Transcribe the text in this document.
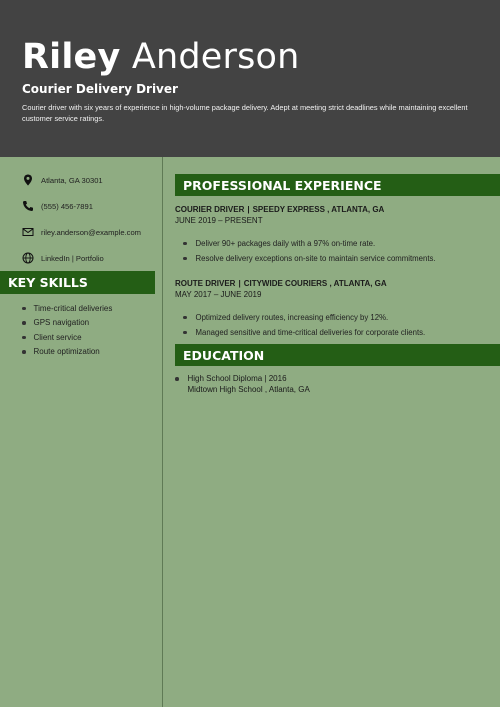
Riley Anderson
Courier Delivery Driver
Courier driver with six years of experience in high-volume package delivery. Adept at meeting strict deadlines while maintaining excellent customer service ratings.
Atlanta, GA 30301
(555) 456-7891
riley.anderson@example.com
LinkedIn | Portfolio
KEY SKILLS
Time-critical deliveries
GPS navigation
Client service
Route optimization
PROFESSIONAL EXPERIENCE
COURIER DRIVER | SPEEDY EXPRESS , ATLANTA, GA
JUNE 2019 – PRESENT
Deliver 90+ packages daily with a 97% on-time rate.
Resolve delivery exceptions on-site to maintain service commitments.
ROUTE DRIVER | CITYWIDE COURIERS , ATLANTA, GA
MAY 2017 – JUNE 2019
Optimized delivery routes, increasing efficiency by 12%.
Managed sensitive and time-critical deliveries for corporate clients.
EDUCATION
High School Diploma | 2016
Midtown High School , Atlanta, GA
